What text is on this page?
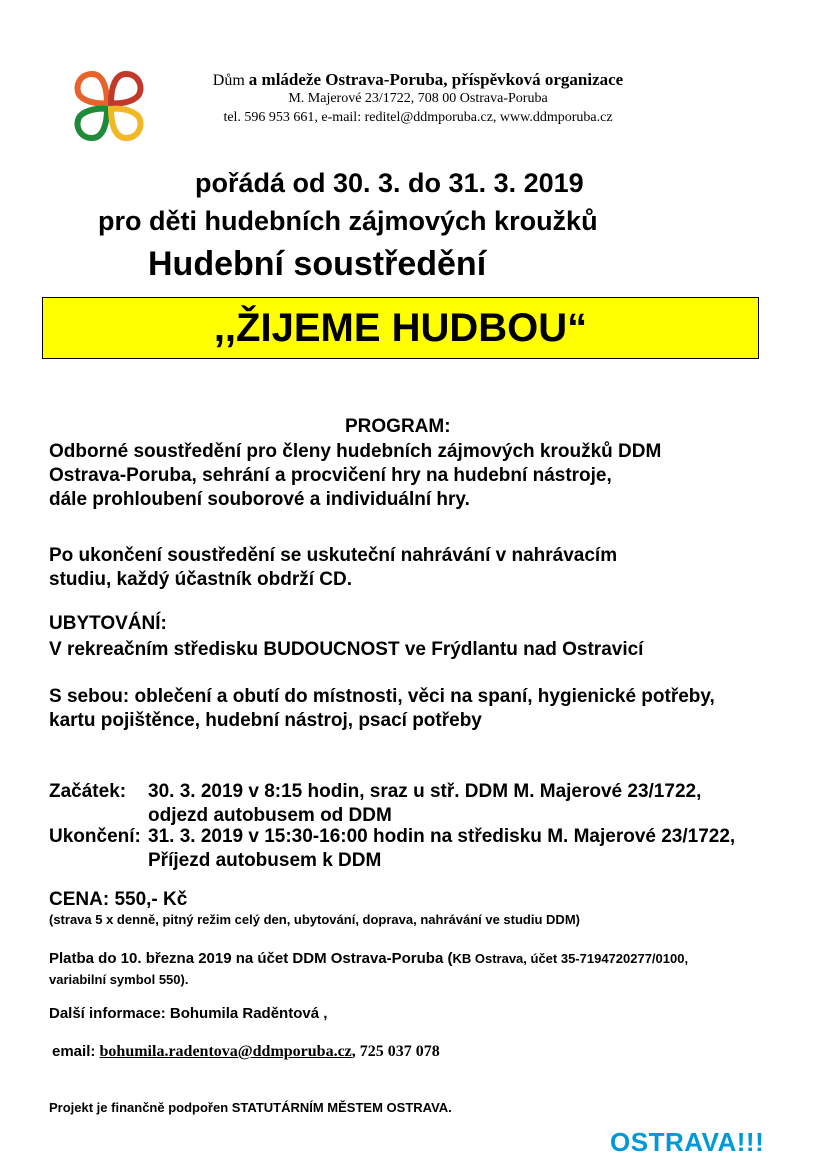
Dům a mládeže Ostrava-Poruba, příspěvková organizace
M. Majerové 23/1722, 708 00 Ostrava-Poruba
tel. 596 953 661, e-mail: reditel@ddmporuba.cz, www.ddmporuba.cz
pořádá od 30. 3. do 31. 3. 2019
pro děti hudebních zájmových kroužků
Hudební soustředění
,,ŽIJEME HUDBOU“
PROGRAM:
Odborné soustředění pro členy hudebních zájmových kroužků DDM
Ostrava-Poruba, sehrání a procvičení hry na hudební nástroje,
dále prohloubení souborové a individuální hry.
Po ukončení soustředění se uskuteční nahrávání v nahrávacím
studiu, každý účastník obdrží CD.
UBYTOVÁNÍ:
V rekreačním středisku BUDOUCNOST ve Frýdlantu nad Ostravicí
S sebou: oblečení a obutí do místnosti, věci na spaní, hygienické potřeby,
kartu pojištěnce, hudební nástroj, psací potřeby
Začátek: 30. 3. 2019 v 8:15 hodin, sraz u stř. DDM M. Majerové 23/1722,
odjezd autobusem od DDM
Ukončení: 31. 3. 2019 v 15:30-16:00 hodin na středisku M. Majerové 23/1722,
Příjezd autobusem k DDM
CENA: 550,- Kč
(strava 5 x denně, pitný režim celý den, ubytování, doprava, nahrávání ve studiu DDM)
Platba do 10. března 2019 na účet DDM Ostrava-Poruba (KB Ostrava, účet 35-7194720277/0100,
variabilní symbol 550).
Další informace: Bohumila Raděntová ,
email: bohumila.radentova@ddmporuba.cz, 725 037 078
Projekt je finančně podpořen STATUTÁRNÍM MĚSTEM OSTRAVA.
OSTRAVA!!!
